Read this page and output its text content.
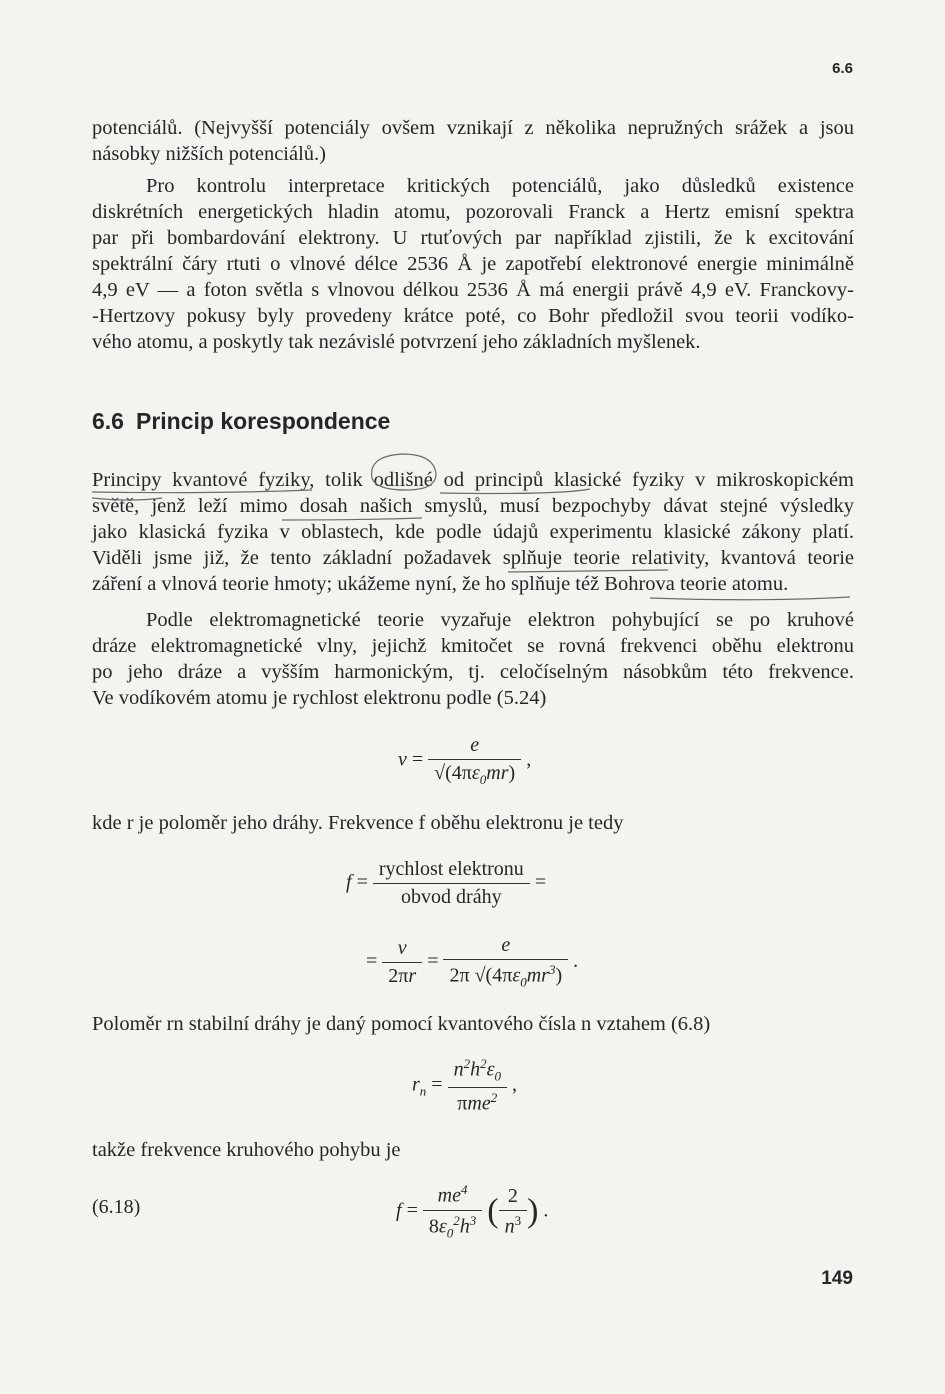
6.6

potenciálů. (Nejvyšší potenciály ovšem vznikají z několika nepružných srážek a jsou
násobky nižších potenciálů.)

Pro kontrolu interpretace kritických potenciálů, jako důsledků existence
diskrétních energetických hladin atomu, pozorovali Franck a Hertz emisní spektra
par při bombardování elektrony. U rtuťových par například zjistili, že k excitování
spektrální čáry rtuti o vlnové délce 2536 Å je zapotřebí elektronové energie minimálně
4,9 eV — a foton světla s vlnovou délkou 2536 Å má energii právě 4,9 eV. Franckovy-
-Hertzovy pokusy byly provedeny krátce poté, co Bohr předložil svou teorii vodíko-
vého atomu, a poskytly tak nezávislé potvrzení jeho základních myšlenek.

6.6 Princip korespondence

Principy kvantové fyziky, tolik odlišné od principů klasické fyziky v mikroskopickém
světě, jenž leží mimo dosah našich smyslů, musí bezpochyby dávat stejné výsledky
jako klasická fyzika v oblastech, kde podle údajů experimentu klasické zákony platí.
Viděli jsme již, že tento základní požadavek splňuje teorie relativity, kvantová teorie
záření a vlnová teorie hmoty; ukážeme nyní, že ho splňuje též Bohrova teorie atomu.

Podle elektromagnetické teorie vyzařuje elektron pohybující se po kruhové
dráze elektromagnetické vlny, jejichž kmitočet se rovná frekvenci oběhu elektronu
po jeho dráze a vyšším harmonickým, tj. celočíselným násobkům této frekvence.
Ve vodíkovém atomu je rychlost elektronu podle (5.24)

$v = \frac{e}{√(4\pi\varepsilon_0mr)}$ ,

kde r je poloměr jeho dráhy. Frekvence f oběhu elektronu je tedy

$f = \frac{\text{rychlost elektronu}}{\text{obvod dráhy}}$ =
= $\frac{v}{2\pi r} = \frac{e}{2\pi √(4\pi\varepsilon_0mr^3)}$ .

Poloměr rn stabilní dráhy je daný pomocí kvantového čísla n vztahem (6.8)

$r_n = \frac{n^2h^2\varepsilon_0}{\pi me^2}$ ,

takže frekvence kruhového pohybu je

(6.18)	$f = \frac{me^4}{8\varepsilon_0^2h^3}$ ( $\frac{2}{n^3}$ ) .
149
